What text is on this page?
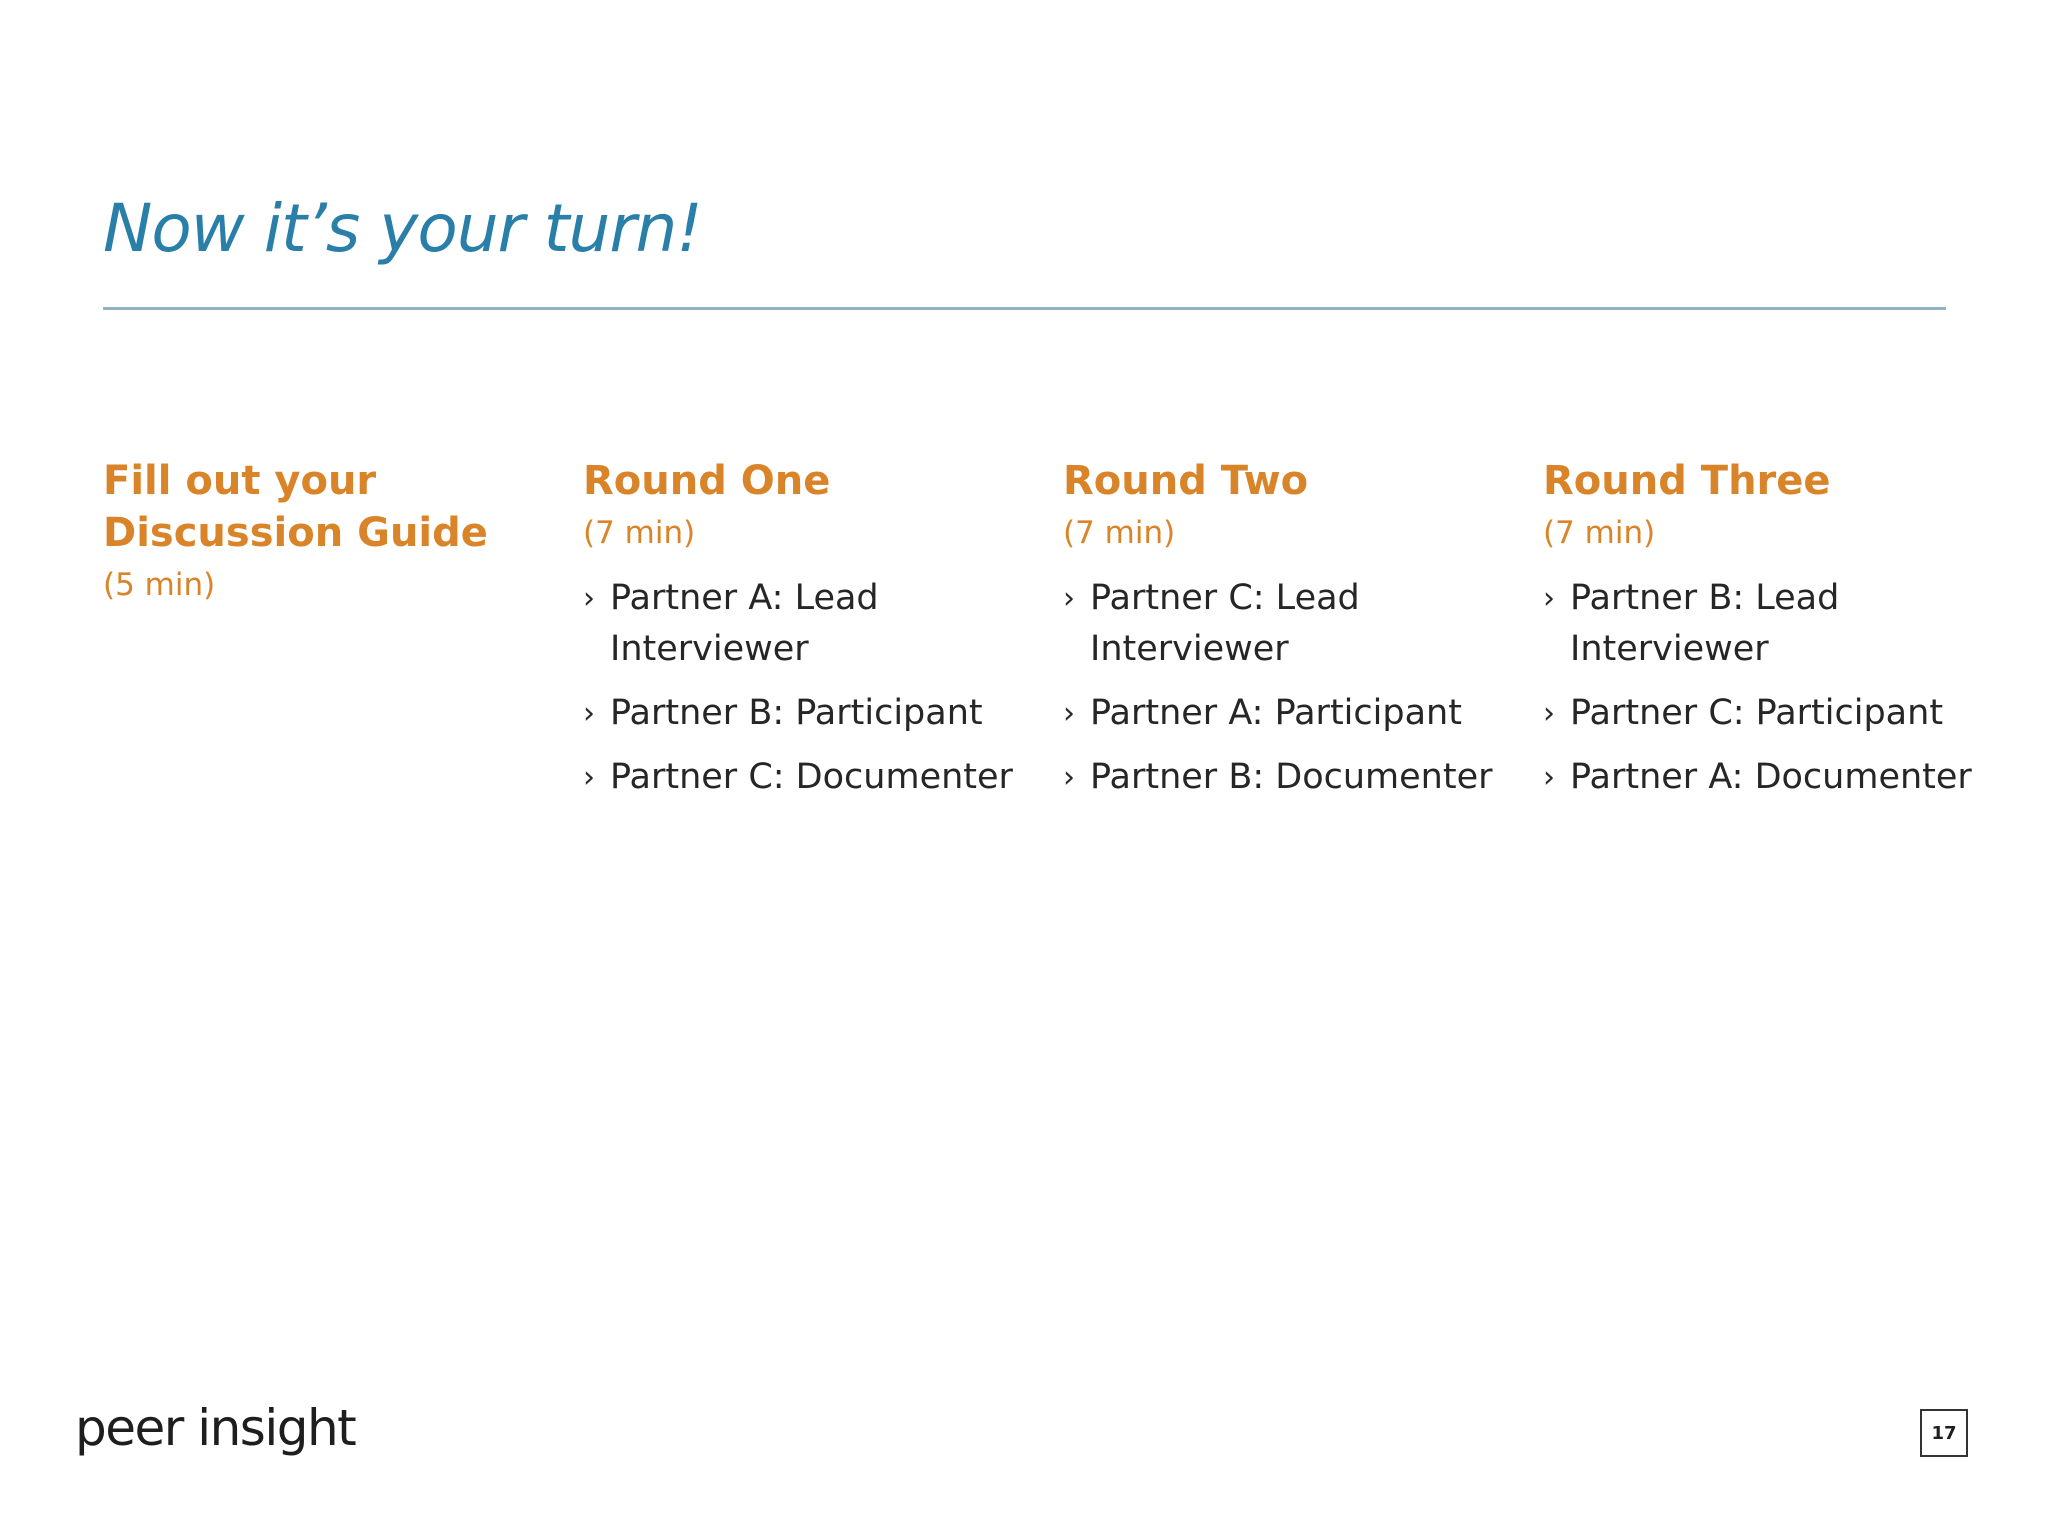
Now it’s your turn!

Fill out your Discussion Guide

(5 min)

Round One

(7 min)

› Partner A: Lead Interviewer
› Partner B: Participant
› Partner C: Documenter

Round Two

(7 min)

› Partner C: Lead Interviewer
› Partner A: Participant
› Partner B: Documenter

Round Three

(7 min)

› Partner B: Lead Interviewer
› Partner C: Participant
› Partner A: Documenter
peer insight	17
